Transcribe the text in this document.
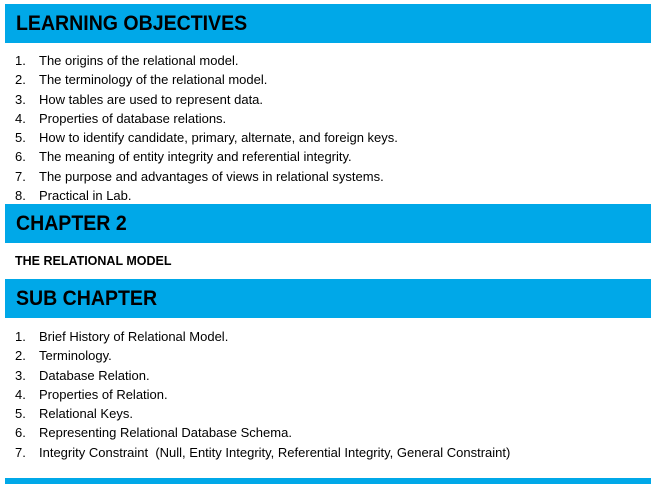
LEARNING OBJECTIVES
1.	The origins of the relational model.
2.	The terminology of the relational model.
3.	How tables are used to represent data.
4.	Properties of database relations.
5.	How to identify candidate, primary, alternate, and foreign keys.
6.	The meaning of entity integrity and referential integrity.
7.	The purpose and advantages of views in relational systems.
8.	Practical in Lab.
CHAPTER 2
THE RELATIONAL MODEL
SUB CHAPTER
1.	Brief History of Relational Model.
2.	Terminology.
3.	Database Relation.
4.	Properties of Relation.
5.	Relational Keys.
6.	Representing Relational Database Schema.
7.	Integrity Constraint  (Null, Entity Integrity, Referential Integrity, General Constraint)
